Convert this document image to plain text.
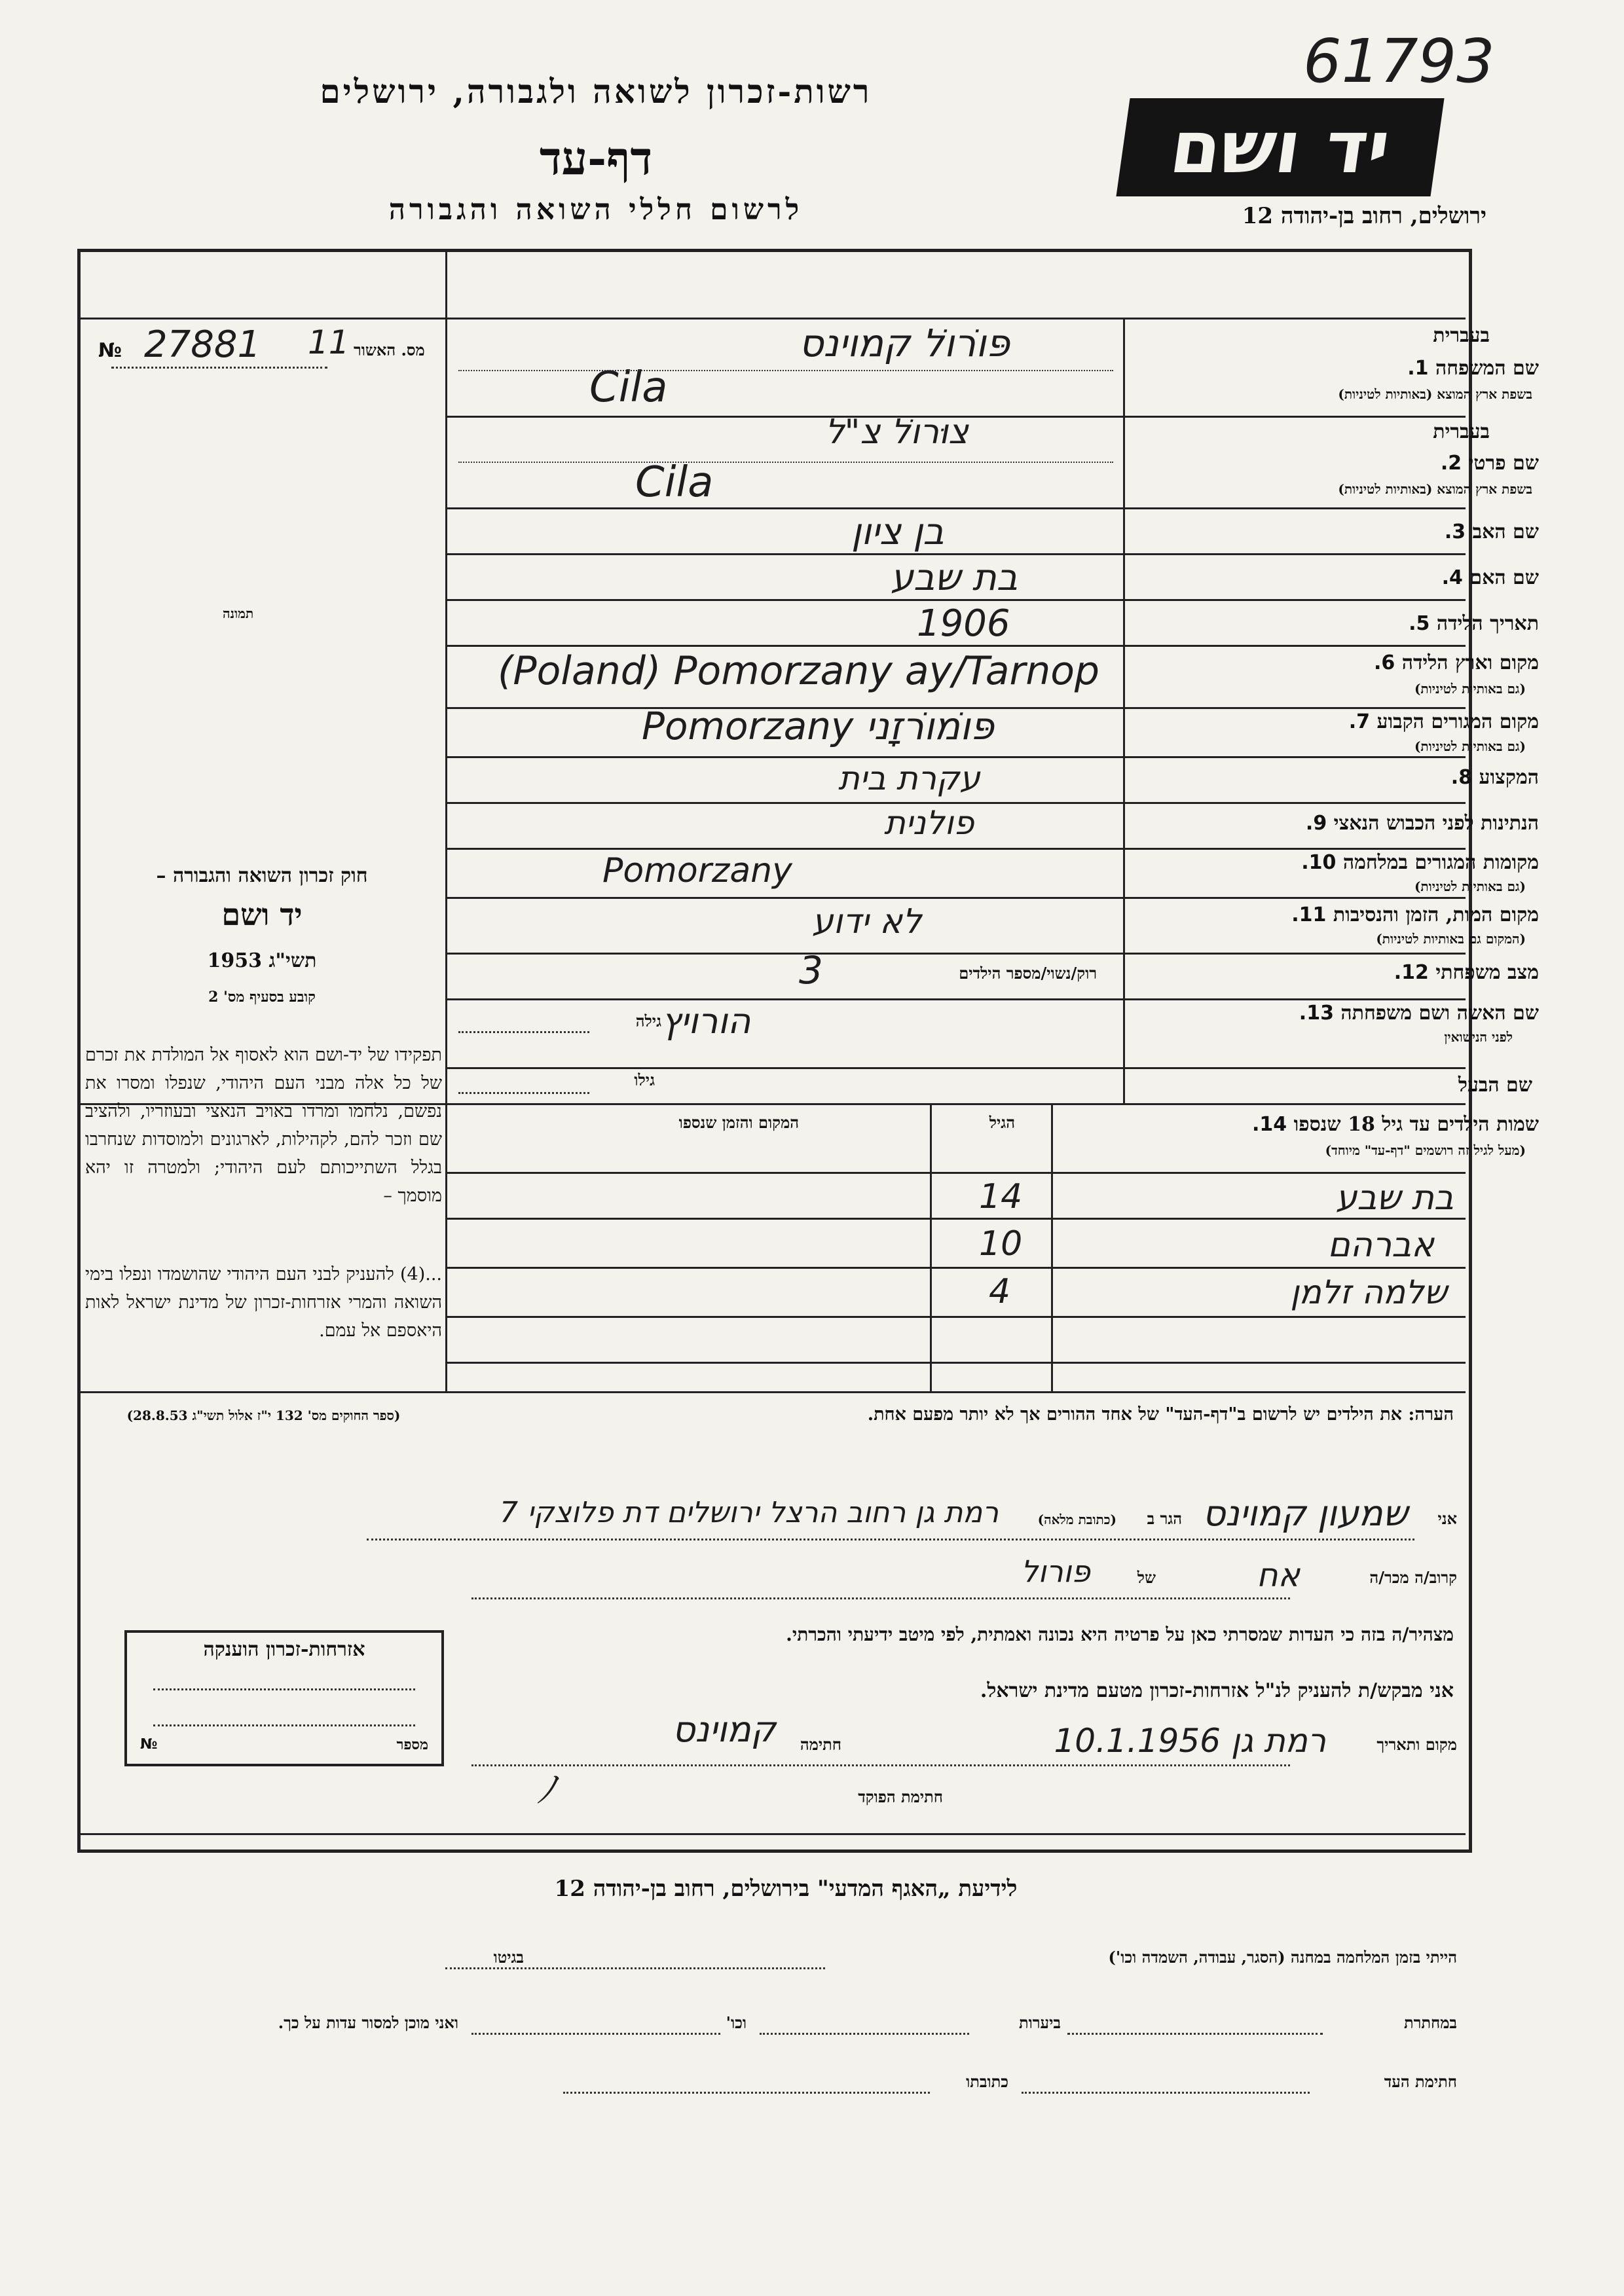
61793
רשות-זכרון לשואה ולגבורה, ירושלים
דף-עד
לרשום חללי השואה והגבורה
יד ושם
ירושלים, רחוב בן-יהודה 12
№ 27881 11 מס. האשור
תמונה
בעברית
שם המשפחה 1.
בשפת ארץ המוצא (באותיות לטיניות)
פּוֹרוֹל קמוינס
Cila
בעברית
שם פרטי 2.
בשפת ארץ המוצא (באותיות לטיניות)
צוּרוֹל צ"ל
Cila
שם האב 3.
בן ציון
שם האם 4.
בת שבע
תאריך הלידה 5.
1906
מקום וארץ הלידה 6.
(גם באותיות לטיניות)
(Poland) Pomorzany ay/Tarnop
מקום המגורים הקבוע 7.
(גם באותיות לטיניות)
Pomorzany פּוֹמוֹרזָני
המקצוע 8.
עקרת בית
הנתינות לפני הכבוש הנאצי 9.
פולנית
מקומות המגורים במלחמה 10.
(גם באותיות לטיניות)
Pomorzany
מקום המות, הזמן והנסיבות 11.
(המקום גם באותיות לטיניות)
לא ידוע
מצב משפחתי 12.
רוק/נשוי/מספר הילדים
3
שם האשה ושם משפחתה 13.
לפני הנישואין
גילה הורויץ
שם הבעל
גילו
חוק זכרון השואה והגבורה –
יד ושם
תשי"ג 1953
קובע בסעיף מס' 2
תפקידו של יד-ושם הוא לאסוף אל המולדת את זכרם של כל אלה מבני העם היהודי, שנפלו ומסרו את נפשם, נלחמו ומרדו באויב הנאצי ובעוזריו, ולהציב שם וזכר להם, לקהילות, לארגונים ולמוסדות שנחרבו בגלל השתייכותם לעם היהודי; ולמטרה זו יהא מוסמך –
...(4) להעניק לבני העם היהודי שהושמדו ונפלו בימי השואה והמרי אזרחות-זכרון של מדינת ישראל לאות היאספם אל עמם.
(ספר החוקים מס' 132 י"ז אלול תשי"ג 28.8.53)
שמות הילדים עד גיל 18 שנספו 14.
(מעל לגיל זה רושמים "דף-עד" מיוחד)
הגיל
המקום והזמן שנספו
בת שבע
14
אברהם
10
שלמה זלמן
4
הערה: את הילדים יש לרשום ב"דף-העד" של אחד ההורים אך לא יותר מפעם אחת.
אני
שמעון קמוינס
הגר ב
(כתובת מלאה)
רמת גן רחוב הרצל ירושלים דת פלוצקי 7
קרוב/ה מכר/ה
אח
של
פּורול
מצהיר/ה בזה כי העדות שמסרתי כאן על פרטיה היא נכונה ואמתית, לפי מיטב ידיעתי והכרתי.
אני מבקש/ת להעניק לנ"ל אזרחות-זכרון מטעם מדינת ישראל.
מקום ותאריך
רמת גן 10.1.1956
חתימה
קמוינס
חתימת הפוקד
ﾉ
אזרחות-זכרון הוענקה
מספר
№
לידיעת „האגף המדעי" בירושלים, רחוב בן-יהודה 12
הייתי בזמן המלחמה במחנה (הסגר, עבודה, השמדה וכו')
בגיטו
במחתרת
ביערות
וכו'
ואני מוכן למסור עדות על כך.
חתימת העד
כתובתו
